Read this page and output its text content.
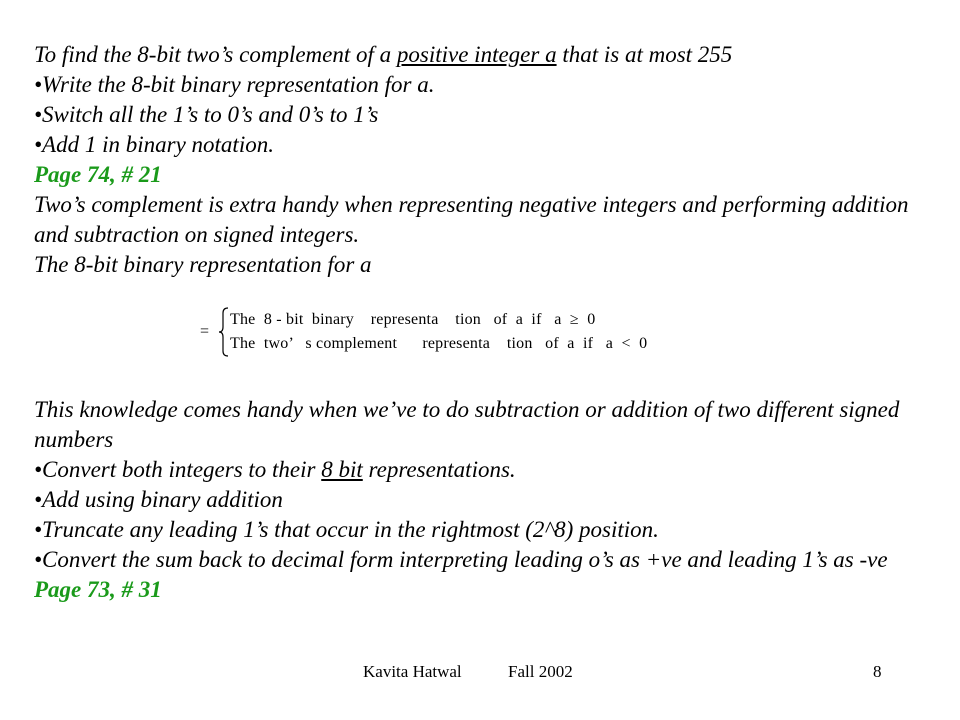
To find the 8-bit two’s complement of a positive integer a that is at most 255
•Write the 8-bit binary representation for a.
•Switch all the 1’s to 0’s and 0’s to 1’s
•Add 1 in binary notation.
Page 74, # 21
Two’s complement is extra handy when representing negative integers and performing addition and subtraction on signed integers.
The 8-bit binary representation for a
=
The  8 - bit  binary    representa    tion   of  a  if   a  ≥  0
The  two’   s complement      representa    tion   of  a  if   a  <  0
This knowledge comes handy when we’ve to do subtraction or addition of two different signed numbers
•Convert both integers to their 8 bit representations.
•Add using binary addition
•Truncate any leading 1’s that occur in the rightmost (2^8) position.
•Convert the sum back to decimal form interpreting leading o’s as +ve and leading 1’s as -ve
Page 73, # 31
Kavita Hatwal	Fall 2002	8
